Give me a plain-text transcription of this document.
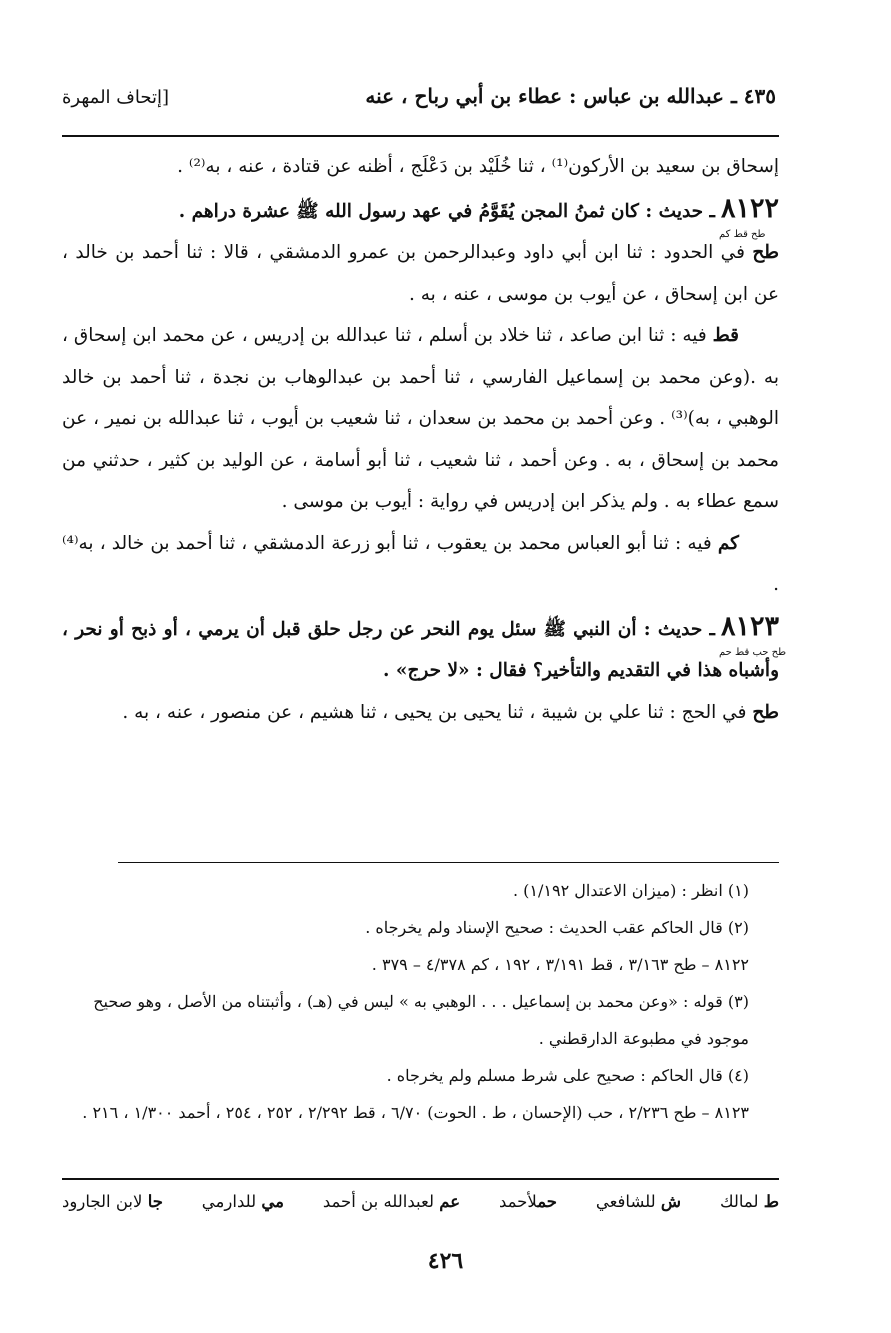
٤٣٥ ـ عبدالله بن عباس : عطاء بن أبي رباح ، عنه
[إتحاف المهرة

إسحاق بن سعيد بن الأركون⁽¹⁾ ، ثنا خُلَيْد بن دَعْلَج ، أظنه عن قتادة ، عنه ، به⁽²⁾ .

٨١٢٢
طح قط كم
ـ حديث : كان ثمنُ المجن يُقَوَّمُ في عهد رسول الله ﷺ عشرة دراهم .

طح في الحدود : ثنا ابن أبي داود وعبدالرحمن بن عمرو الدمشقي ، قالا : ثنا أحمد بن خالد ، عن ابن إسحاق ، عن أيوب بن موسى ، عنه ، به .

قط فيه : ثنا ابن صاعد ، ثنا خلاد بن أسلم ، ثنا عبدالله بن إدريس ، عن محمد ابن إسحاق ، به .(وعن محمد بن إسماعيل الفارسي ، ثنا أحمد بن عبدالوهاب بن نجدة ، ثنا أحمد بن خالد الوهبي ، به)⁽³⁾ . وعن أحمد بن محمد بن سعدان ، ثنا شعيب بن أيوب ، ثنا عبدالله بن نمير ، عن محمد بن إسحاق ، به . وعن أحمد ، ثنا شعيب ، ثنا أبو أسامة ، عن الوليد بن كثير ، حدثني من سمع عطاء به . ولم يذكر ابن إدريس في رواية : أيوب بن موسى .

كم فيه : ثنا أبو العباس محمد بن يعقوب ، ثنا أبو زرعة الدمشقي ، ثنا أحمد بن خالد ، به⁽⁴⁾ .

٨١٢٣
طح حب قط حم
ـ حديث : أن النبي ﷺ سئل يوم النحر عن رجل حلق قبل أن يرمي ، أو ذبح أو نحر ، وأشباه هذا في التقديم والتأخير؟ فقال : «لا حرج» .

طح في الحج : ثنا علي بن شيبة ، ثنا يحيى بن يحيى ، ثنا هشيم ، عن منصور ، عنه ، به .

(١) انظر : (ميزان الاعتدال ١/١٩٢) .

(٢) قال الحاكم عقب الحديث : صحيح الإسناد ولم يخرجاه .

٨١٢٢ – طح ٣/١٦٣ ، قط ٣/١٩١ ، ١٩٢ ، كم ٤/٣٧٨ – ٣٧٩ .

(٣) قوله : «وعن محمد بن إسماعيل . . . الوهبي به » ليس في (هـ) ، وأثبتناه من الأصل ، وهو صحيح موجود في مطبوعة الدارقطني .

(٤) قال الحاكم : صحيح على شرط مسلم ولم يخرجاه .

٨١٢٣ – طح ٢/٢٣٦ ، حب (الإحسان ، ط . الحوت) ٦/٧٠ ، قط ٢/٢٩٢ ، ٢٥٢ ، ٢٥٤ ، أحمد ١/٣٠٠ ، ٢١٦ .

ط لمالك
ش للشافعي
حملأحمد
عم لعبدالله بن أحمد
مي للدارمي
جا لابن الجارود
٤٢٦
